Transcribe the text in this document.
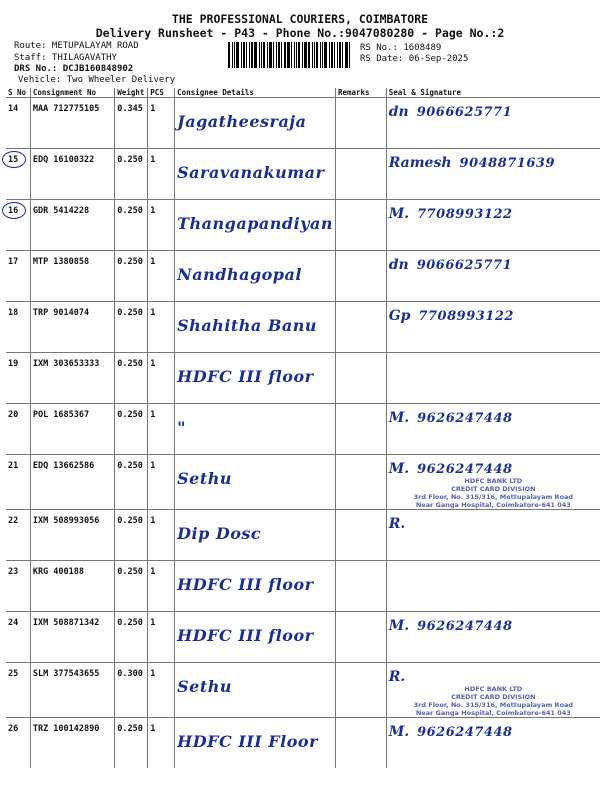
THE PROFESSIONAL COURIERS, COIMBATORE
Delivery Runsheet - P43 - Phone No.:9047080280 - Page No.:2
Route: METUPALAYAM ROAD
Staff: THILAGAVATHY
DRS No.: DCJB160848902
Vehicle: Two Wheeler Delivery
RS No.: 1608489
RS Date: 06-Sep-2025
S No	Consignment No	Weight	PCS	Consignee Details	Remarks	Seal & Signature
14	MAA 712775105	0.345	1	Jagatheesraja		dn 9066625771
15	EDQ 16100322	0.250	1	Saravanakumar		Ramesh 9048871639
16	GDR 5414228	0.250	1	Thangapandiyan		M. 7708993122
17	MTP 1380858	0.250	1	Nandhagopal		dn 9066625771
18	TRP 9014074	0.250	1	Shahitha Banu		Gp 7708993122
19	IXM 303653333	0.250	1	HDFC III floor		
20	POL 1685367	0.250	1	"		M. 9626247448
21	EDQ 13662586	0.250	1	Sethu		M. 9626247448
HDFC BANK LTD
CREDIT CARD DIVISION
3rd Floor, No. 315/316, Mettupalayam Road
Near Ganga Hospital, Coimbatore-641 043

22	IXM 508993056	0.250	1	Dip Dosc		R.
23	KRG 400188	0.250	1	HDFC III floor		
24	IXM 508871342	0.250	1	HDFC III floor		M. 9626247448
25	SLM 377543655	0.300	1	Sethu		R.
HDFC BANK LTD
CREDIT CARD DIVISION
3rd Floor, No. 315/316, Mettupalayam Road
Near Ganga Hospital, Coimbatore-641 043

26	TRZ 100142890	0.250	1	HDFC III Floor		M. 9626247448
